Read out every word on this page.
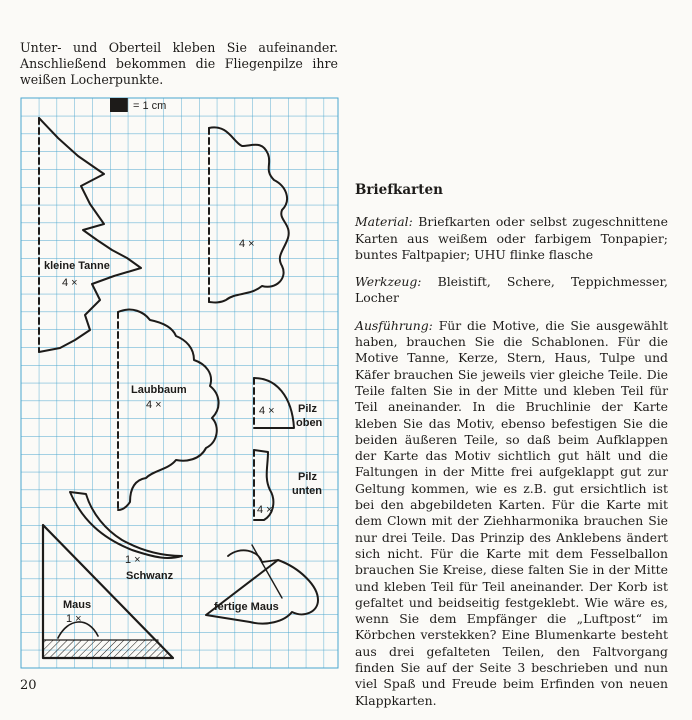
Unter- und Oberteil kleben Sie aufeinander. Anschließend bekommen die Fliegenpilze ihre weißen Locherpunkte.

= 1 cm
kleine Tanne
4 ×
4 ×
Laubbaum
4 ×	4 × Pilz
oben
Pilz
unten
4 ×
1 ×
Schwanz
Maus
1 ×
fertige Maus
Briefkarten

Material: Briefkarten oder selbst zugeschnittene Karten aus weißem oder farbigem Tonpapier; buntes Faltpapier; UHU flinke flasche

Werkzeug: Bleistift, Schere, Teppichmesser, Locher

Ausführung: Für die Motive, die Sie ausgewählt haben, brauchen Sie die Schablonen. Für die Motive Tanne, Kerze, Stern, Haus, Tulpe und Käfer brauchen Sie jeweils vier gleiche Teile. Die Teile falten Sie in der Mitte und kleben Teil für Teil aneinander. In die Bruchlinie der Karte kleben Sie das Motiv, ebenso befestigen Sie die beiden äußeren Teile, so daß beim Aufklappen der Karte das Motiv sichtlich gut hält und die Faltungen in der Mitte frei aufgeklappt gut zur Geltung kommen, wie es z.B. gut ersichtlich ist bei den abgebildeten Karten. Für die Karte mit dem Clown mit der Ziehharmonika brauchen Sie nur drei Teile. Das Prinzip des Anklebens ändert sich nicht. Für die Karte mit dem Fesselballon brauchen Sie Kreise, diese falten Sie in der Mitte und kleben Teil für Teil aneinander. Der Korb ist gefaltet und beidseitig festgeklebt. Wie wäre es, wenn Sie dem Empfänger die „Luftpost“ im Körbchen verstekken? Eine Blumenkarte besteht aus drei gefalteten Teilen, den Faltvorgang finden Sie auf der Seite 3 beschrieben und nun viel Spaß und Freude beim Erfinden von neuen Klappkarten.

20
